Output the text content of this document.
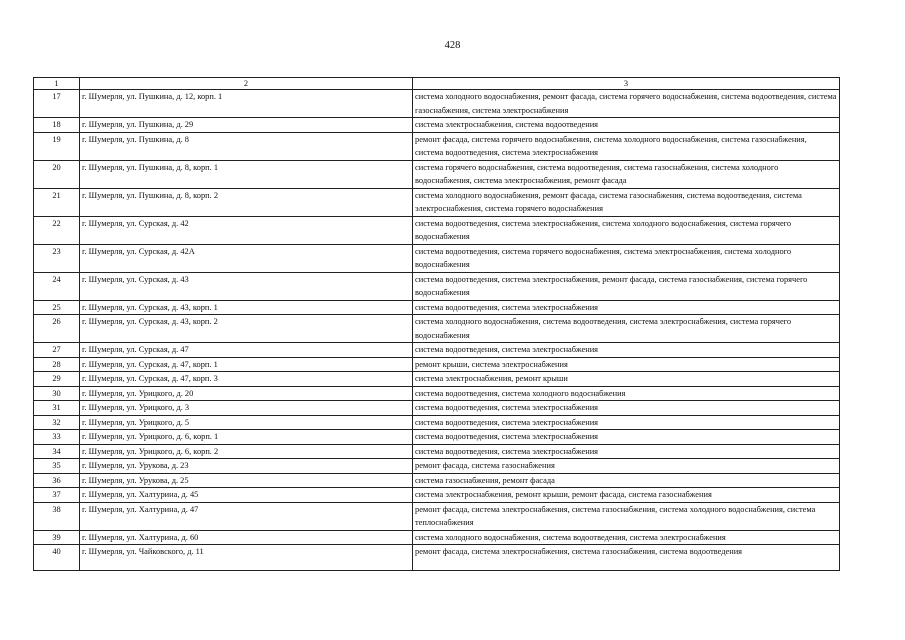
428
1	2	3
17	г. Шумерля, ул. Пушкина, д. 12, корп. 1	система холодного водоснабжения, ремонт фасада, система горячего водоснабжения, система водоотведения, система газоснабжения, система электроснабжения
18	г. Шумерля, ул. Пушкина, д. 29	система электроснабжения, система водоотведения
19	г. Шумерля, ул. Пушкина, д. 8	ремонт фасада, система горячего водоснабжения, система холодного водоснабжения, система газоснабжения, система водоотведения, система электроснабжения
20	г. Шумерля, ул. Пушкина, д. 8, корп. 1	система горячего водоснабжения, система водоотведения, система газоснабжения, система холодного водоснабжения, система электроснабжения, ремонт фасада
21	г. Шумерля, ул. Пушкина, д. 8, корп. 2	система холодного водоснабжения, ремонт фасада, система газоснабжения, система водоотведения, система электроснабжения, система горячего водоснабжения
22	г. Шумерля, ул. Сурская, д. 42	система водоотведения, система электроснабжения, система холодного водоснабжения, система горячего водоснабжения
23	г. Шумерля, ул. Сурская, д. 42А	система водоотведения, система горячего водоснабжения, система электроснабжения, система холодного водоснабжения
24	г. Шумерля, ул. Сурская, д. 43	система водоотведения, система электроснабжения, ремонт фасада, система газоснабжения, система горячего водоснабжения
25	г. Шумерля, ул. Сурская, д. 43, корп. 1	система водоотведения, система электроснабжения
26	г. Шумерля, ул. Сурская, д. 43, корп. 2	система холодного водоснабжения, система водоотведения, система электроснабжения, система горячего водоснабжения
27	г. Шумерля, ул. Сурская, д. 47	система водоотведения, система электроснабжения
28	г. Шумерля, ул. Сурская, д. 47, корп. 1	ремонт крыши, система электроснабжения
29	г. Шумерля, ул. Сурская, д. 47, корп. 3	система электроснабжения, ремонт крыши
30	г. Шумерля, ул. Урицкого, д. 20	система водоотведения, система холодного водоснабжения
31	г. Шумерля, ул. Урицкого, д. 3	система водоотведения, система электроснабжения
32	г. Шумерля, ул. Урицкого, д. 5	система водоотведения, система электроснабжения
33	г. Шумерля, ул. Урицкого, д. 6, корп. 1	система водоотведения, система электроснабжения
34	г. Шумерля, ул. Урицкого, д. 6, корп. 2	система водоотведения, система электроснабжения
35	г. Шумерля, ул. Урукова, д. 23	ремонт фасада, система газоснабжения
36	г. Шумерля, ул. Урукова, д. 25	система газоснабжения, ремонт фасада
37	г. Шумерля, ул. Халтурина, д. 45	система электроснабжения, ремонт крыши, ремонт фасада, система газоснабжения
38	г. Шумерля, ул. Халтурина, д. 47	ремонт фасада, система электроснабжения, система газоснабжения, система холодного водоснабжения, система теплоснабжения
39	г. Шумерля, ул. Халтурина, д. 60	система холодного водоснабжения, система водоотведения, система электроснабжения
40	г. Шумерля, ул. Чайковского, д. 11	ремонт фасада, система электроснабжения, система газоснабжения, система водоотведения
